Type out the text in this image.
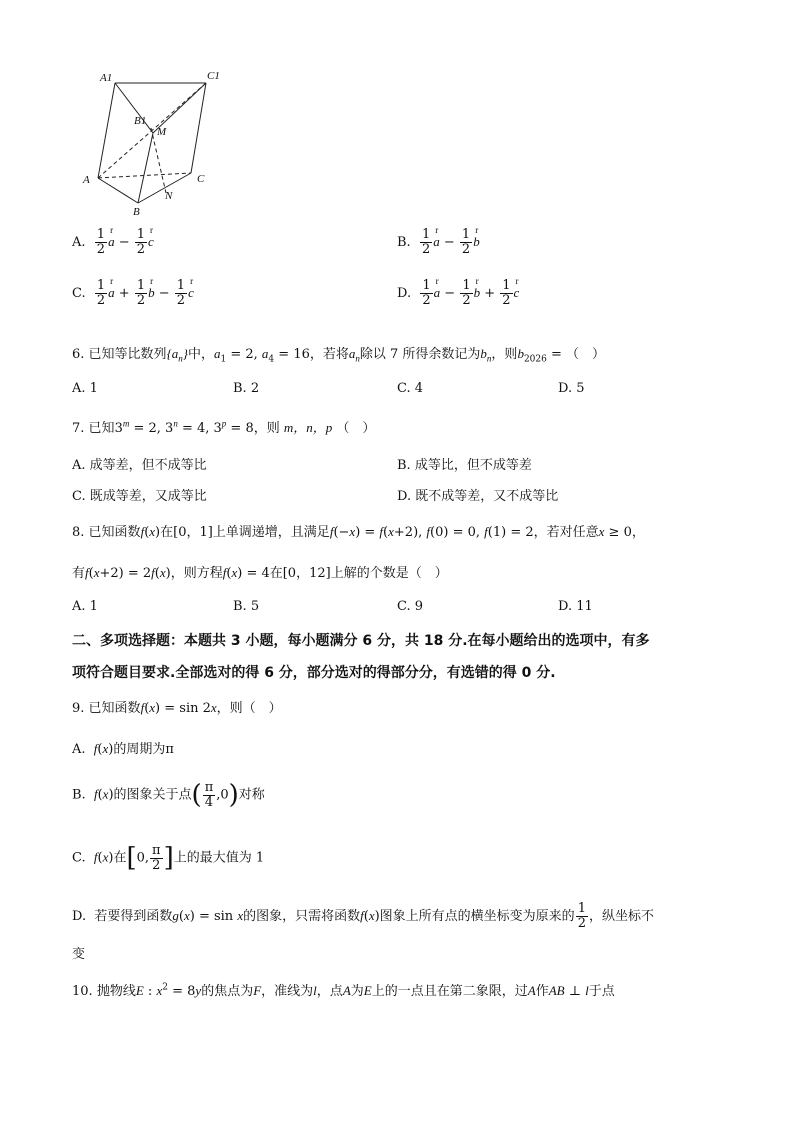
A1	C1
B1
M
A	C
B
N
A. $\frac{1}{2}$ a
r
− $\frac{1}{2}$ c
r
B. $\frac{1}{2}$ a
r
− $\frac{1}{2}$ b
r
C. $\frac{1}{2}$ a
r
+ $\frac{1}{2}$ b
r
− $\frac{1}{2}$ c
r
D. $\frac{1}{2}$ a
r
− $\frac{1}{2}$ b
r
+ $\frac{1}{2}$ c
r
6. 已知等比数列$\{a_n\}$中，$a_1 = 2$, $a_4 = 16$，若将$a_n$除以 7 所得余数记为$b_n$，则$b_{2026}$ = （　）
A. 1	B. 2	C. 4	D. 5
7. 已知$3^m = 2$, $3^n = 4$, $3^p = 8$，则 m，n，p （　）
A. 成等差，但不成等比	B. 成等比，但不成等差
C. 既成等差，又成等比	D. 既不成等差，又不成等比
8. 已知函数f(x)在[0，1]上单调递增，且满足f(−x) = f(x+2), f(0) = 0, f(1) = 2，若对任意x ≥ 0，
有f(x+2) = 2f(x)，则方程f(x) = 4在[0，12]上解的个数是（　）
A. 1	B. 5	C. 9	D. 11
二、多项选择题：本题共 3 小题，每小题满分 6 分，共 18 分.在每小题给出的选项中，有多
项符合题目要求.全部选对的得 6 分，部分选对的得部分分，有选错的得 0 分.
9. 已知函数f(x) = sin 2x，则（　）
A.  f(x)的周期为π
B.  f(x)的图象关于点( $\frac{\pi}{4} ,0$)对称
C.  f(x)在[0, $\frac{\pi}{2}$ ]上的最大值为 1
D.  若要得到函数g(x) = sin x的图象，只需将函数f(x)图象上所有点的横坐标变为原来的 $\frac{1}{2}$ ，纵坐标不
变
10. 抛物线E : $x^2 = 8y$的焦点为F，准线为l，点A为E上的一点且在第二象限，过A作AB ⊥ l于点
